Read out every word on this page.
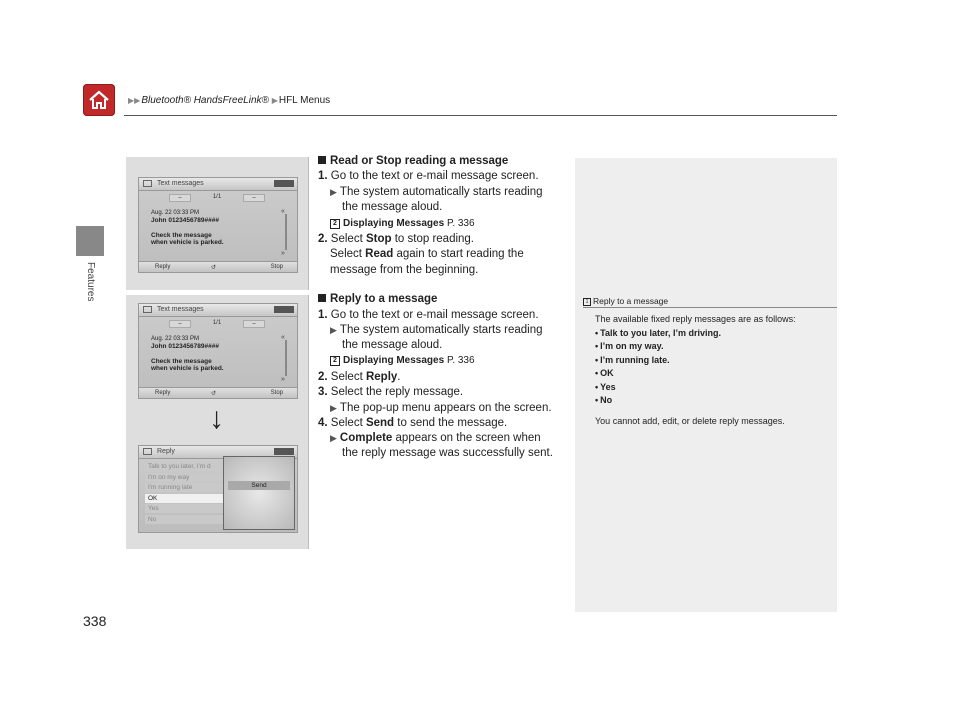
▶▶Bluetooth® HandsFreeLink® ▶HFL Menus
Features
Text messages
–	1/1	–
Aug. 22 03:33 PM
John 0123456789####
Check the message
when vehicle is parked.
«
»
Reply	↺	Stop
Text messages
–	1/1	–
Aug. 22 03:33 PM
John 0123456789####
Check the message
when vehicle is parked.
«
»
Reply	↺	Stop
Reply
Talk to you later, I'm d
I'm on my way
I'm running late
OK
Yes
No
Send
↓
Read or Stop reading a message
1. Go to the text or e-mail message screen.
▶ The system automatically starts reading
the message aloud.
2 Displaying Messages P. 336
2. Select Stop to stop reading.
Select Read again to start reading the
message from the beginning.
Reply to a message
1. Go to the text or e-mail message screen.
▶ The system automatically starts reading
the message aloud.
2 Displaying Messages P. 336
2. Select Reply.
3. Select the reply message.
▶ The pop-up menu appears on the screen.
4. Select Send to send the message.
▶ Complete appears on the screen when
the reply message was successfully sent.
1 Reply to a message
The available fixed reply messages are as follows:
• Talk to you later, I’m driving.
• I’m on my way.
• I’m running late.
• OK
• Yes
• No
You cannot add, edit, or delete reply messages.
338
